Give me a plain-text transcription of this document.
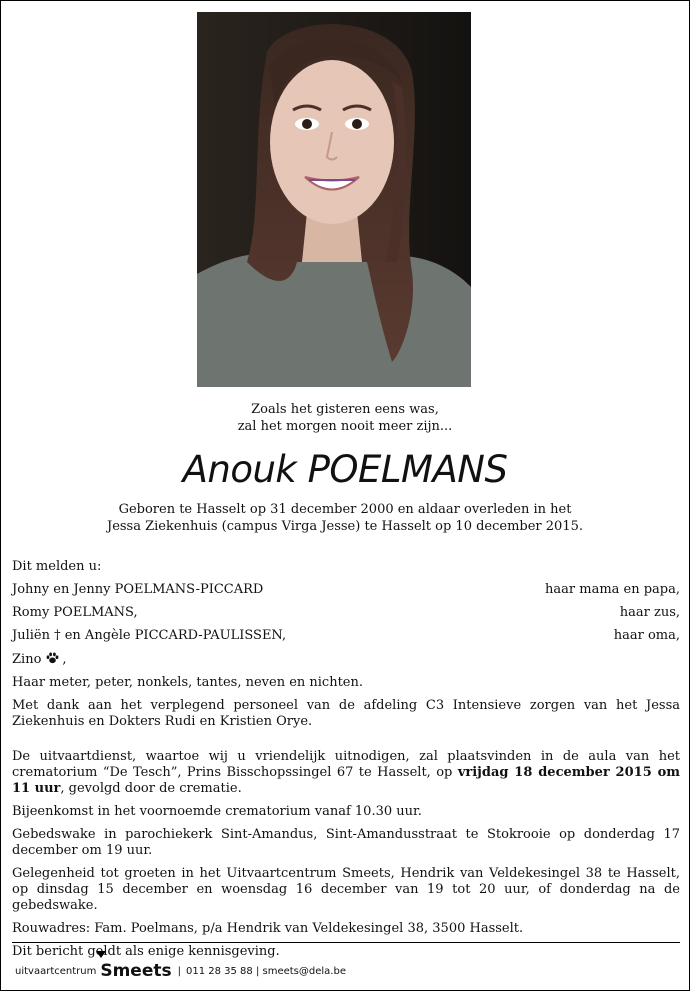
Zoals het gisteren eens was,
zal het morgen nooit meer zijn...
Anouk POELMANS
Geboren te Hasselt op 31 december 2000 en aldaar overleden in het
Jessa Ziekenhuis (campus Virga Jesse) te Hasselt op 10 december 2015.
Dit melden u:
Johny en Jenny POELMANS-PICCARD	haar mama en papa,
Romy POELMANS,	haar zus,
Juliën † en Angèle PICCARD-PAULISSEN,	haar oma,
Zino ,
Haar meter, peter, nonkels, tantes, neven en nichten.
Met dank aan het verplegend personeel van de afdeling C3 Intensieve zorgen van het Jessa Ziekenhuis en Dokters Rudi en Kristien Orye.
De uitvaartdienst, waartoe wij u vriendelijk uitnodigen, zal plaatsvinden in de aula van het crematorium “De Tesch”, Prins Bisschopssingel 67 te Hasselt, op vrijdag 18 december 2015 om 11 uur, gevolgd door de crematie.
Bijeenkomst in het voornoemde crematorium vanaf 10.30 uur.
Gebedswake in parochiekerk Sint-Amandus, Sint-Amandusstraat te Stokrooie op donderdag 17 december om 19 uur.
Gelegenheid tot groeten in het Uitvaartcentrum Smeets, Hendrik van Veldekesingel 38 te Hasselt, op dinsdag 15 december en woensdag 16 december van 19 tot 20 uur, of donderdag na de gebedswake.
Rouwadres: Fam. Poelmans, p/a Hendrik van Veldekesingel 38, 3500 Hasselt.
Dit bericht geldt als enige kennisgeving.
uitvaartcentrum Smeets | 011 28 35 88 | smeets@dela.be
